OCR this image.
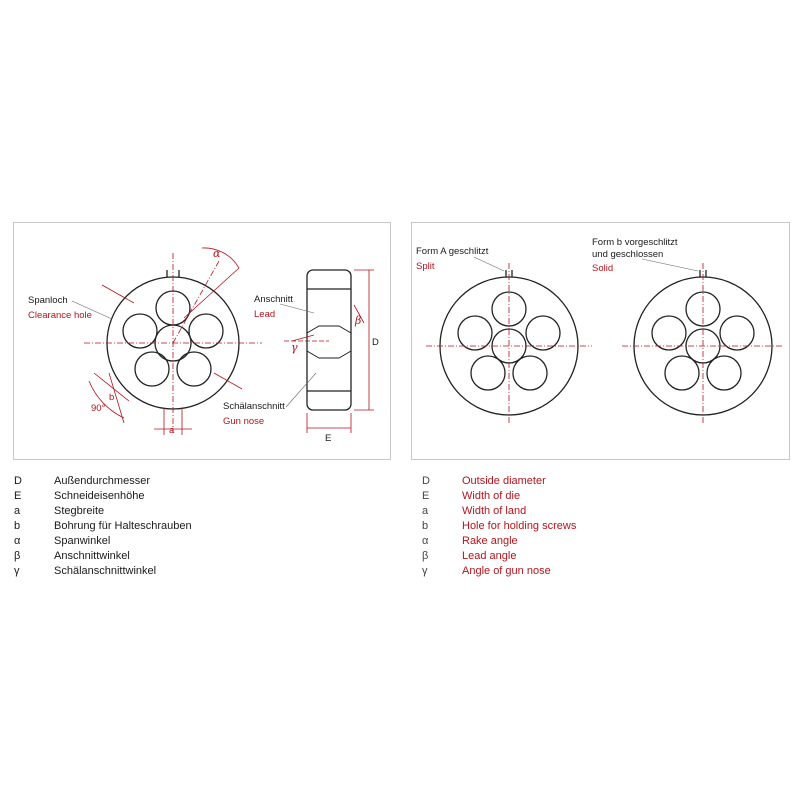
Spanloch
Clearance hole
Anschnitt
Lead
Schälanschnitt
Gun nose
α
β
γ
b
90°
a
D
E
Form A geschlitzt
Split
Form b vorgeschlitzt
und geschlossen
Solid
D	Außendurchmesser
E	Schneideisenhöhe
a	Stegbreite
b	Bohrung für Halteschrauben
α	Spanwinkel
β	Anschnittwinkel
γ	Schälanschnittwinkel
D	Outside diameter
E	Width of die
a	Width of land
b	Hole for holding screws
α	Rake angle
β	Lead angle
γ	Angle of gun nose
